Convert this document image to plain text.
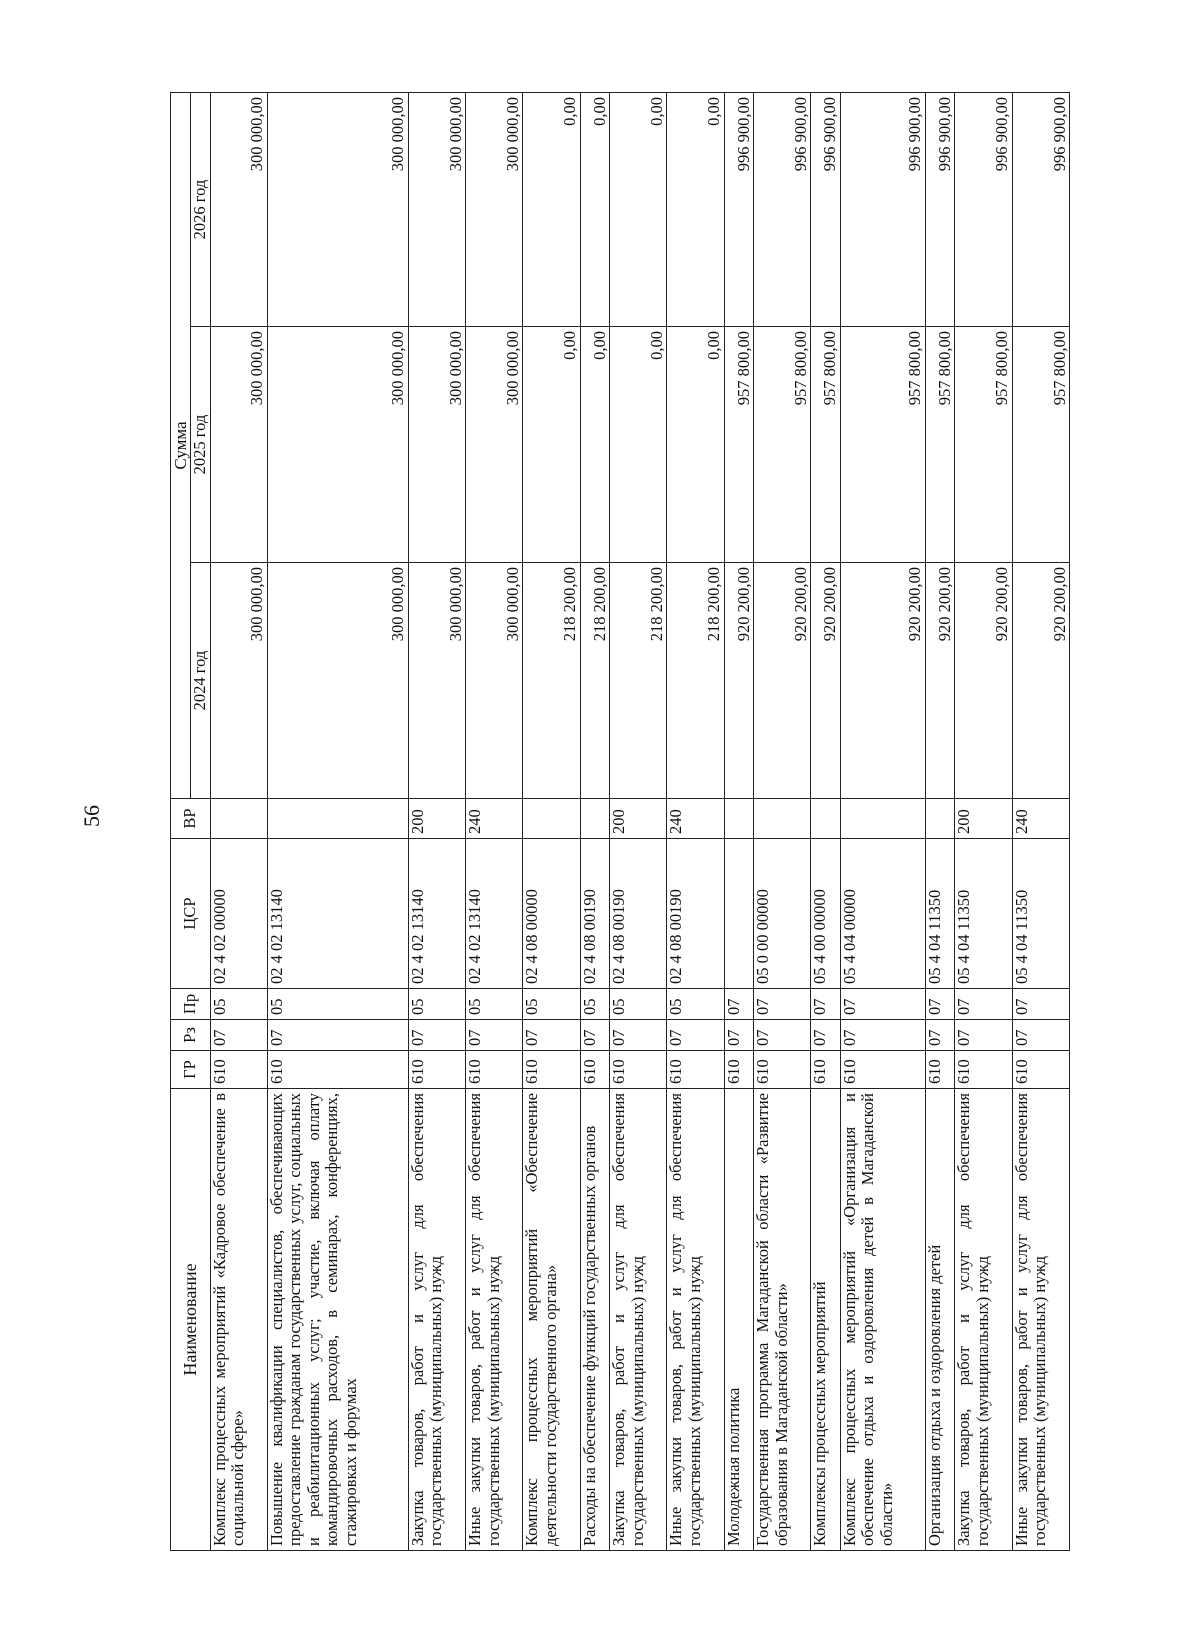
56
Наименование	ГР	Рз	Пр	ЦСР	ВР	Сумма		
						2024 год	2025 год	2026 год
Комплекс процессных мероприятий «Кадровое обеспечение в социальной сфере»	610	07	05	02 4 02 00000		300 000,00	300 000,00	300 000,00
Повышение квалификации специалистов, обеспечивающих предоставление гражданам государственных услуг, социальных и реабилитационных услуг; участие, включая оплату командировочных расходов, в семинарах, конференциях, стажировках и форумах	610	07	05	02 4 02 13140		300 000,00	300 000,00	300 000,00
Закупка товаров, работ и услуг для обеспечения государственных (муниципальных) нужд	610	07	05	02 4 02 13140	200	300 000,00	300 000,00	300 000,00
Иные закупки товаров, работ и услуг для обеспечения государственных (муниципальных) нужд	610	07	05	02 4 02 13140	240	300 000,00	300 000,00	300 000,00
Комплекс процессных мероприятий «Обеспечение деятельности государственного органа»	610	07	05	02 4 08 00000		218 200,00	0,00	0,00
Расходы на обеспечение функций государственных органов	610	07	05	02 4 08 00190		218 200,00	0,00	0,00
Закупка товаров, работ и услуг для обеспечения государственных (муниципальных) нужд	610	07	05	02 4 08 00190	200	218 200,00	0,00	0,00
Иные закупки товаров, работ и услуг для обеспечения государственных (муниципальных) нужд	610	07	05	02 4 08 00190	240	218 200,00	0,00	0,00
Молодежная политика	610	07	07			920 200,00	957 800,00	996 900,00
Государственная программа Магаданской области «Развитие образования в Магаданской области»	610	07	07	05 0 00 00000		920 200,00	957 800,00	996 900,00
Комплексы процессных мероприятий	610	07	07	05 4 00 00000		920 200,00	957 800,00	996 900,00
Комплекс процессных мероприятий «Организация и обеспечение отдыха и оздоровления детей в Магаданской области»	610	07	07	05 4 04 00000		920 200,00	957 800,00	996 900,00
Организация отдыха и оздоровления детей	610	07	07	05 4 04 11350		920 200,00	957 800,00	996 900,00
Закупка товаров, работ и услуг для обеспечения государственных (муниципальных) нужд	610	07	07	05 4 04 11350	200	920 200,00	957 800,00	996 900,00
Иные закупки товаров, работ и услуг для обеспечения государственных (муниципальных) нужд	610	07	07	05 4 04 11350	240	920 200,00	957 800,00	996 900,00
